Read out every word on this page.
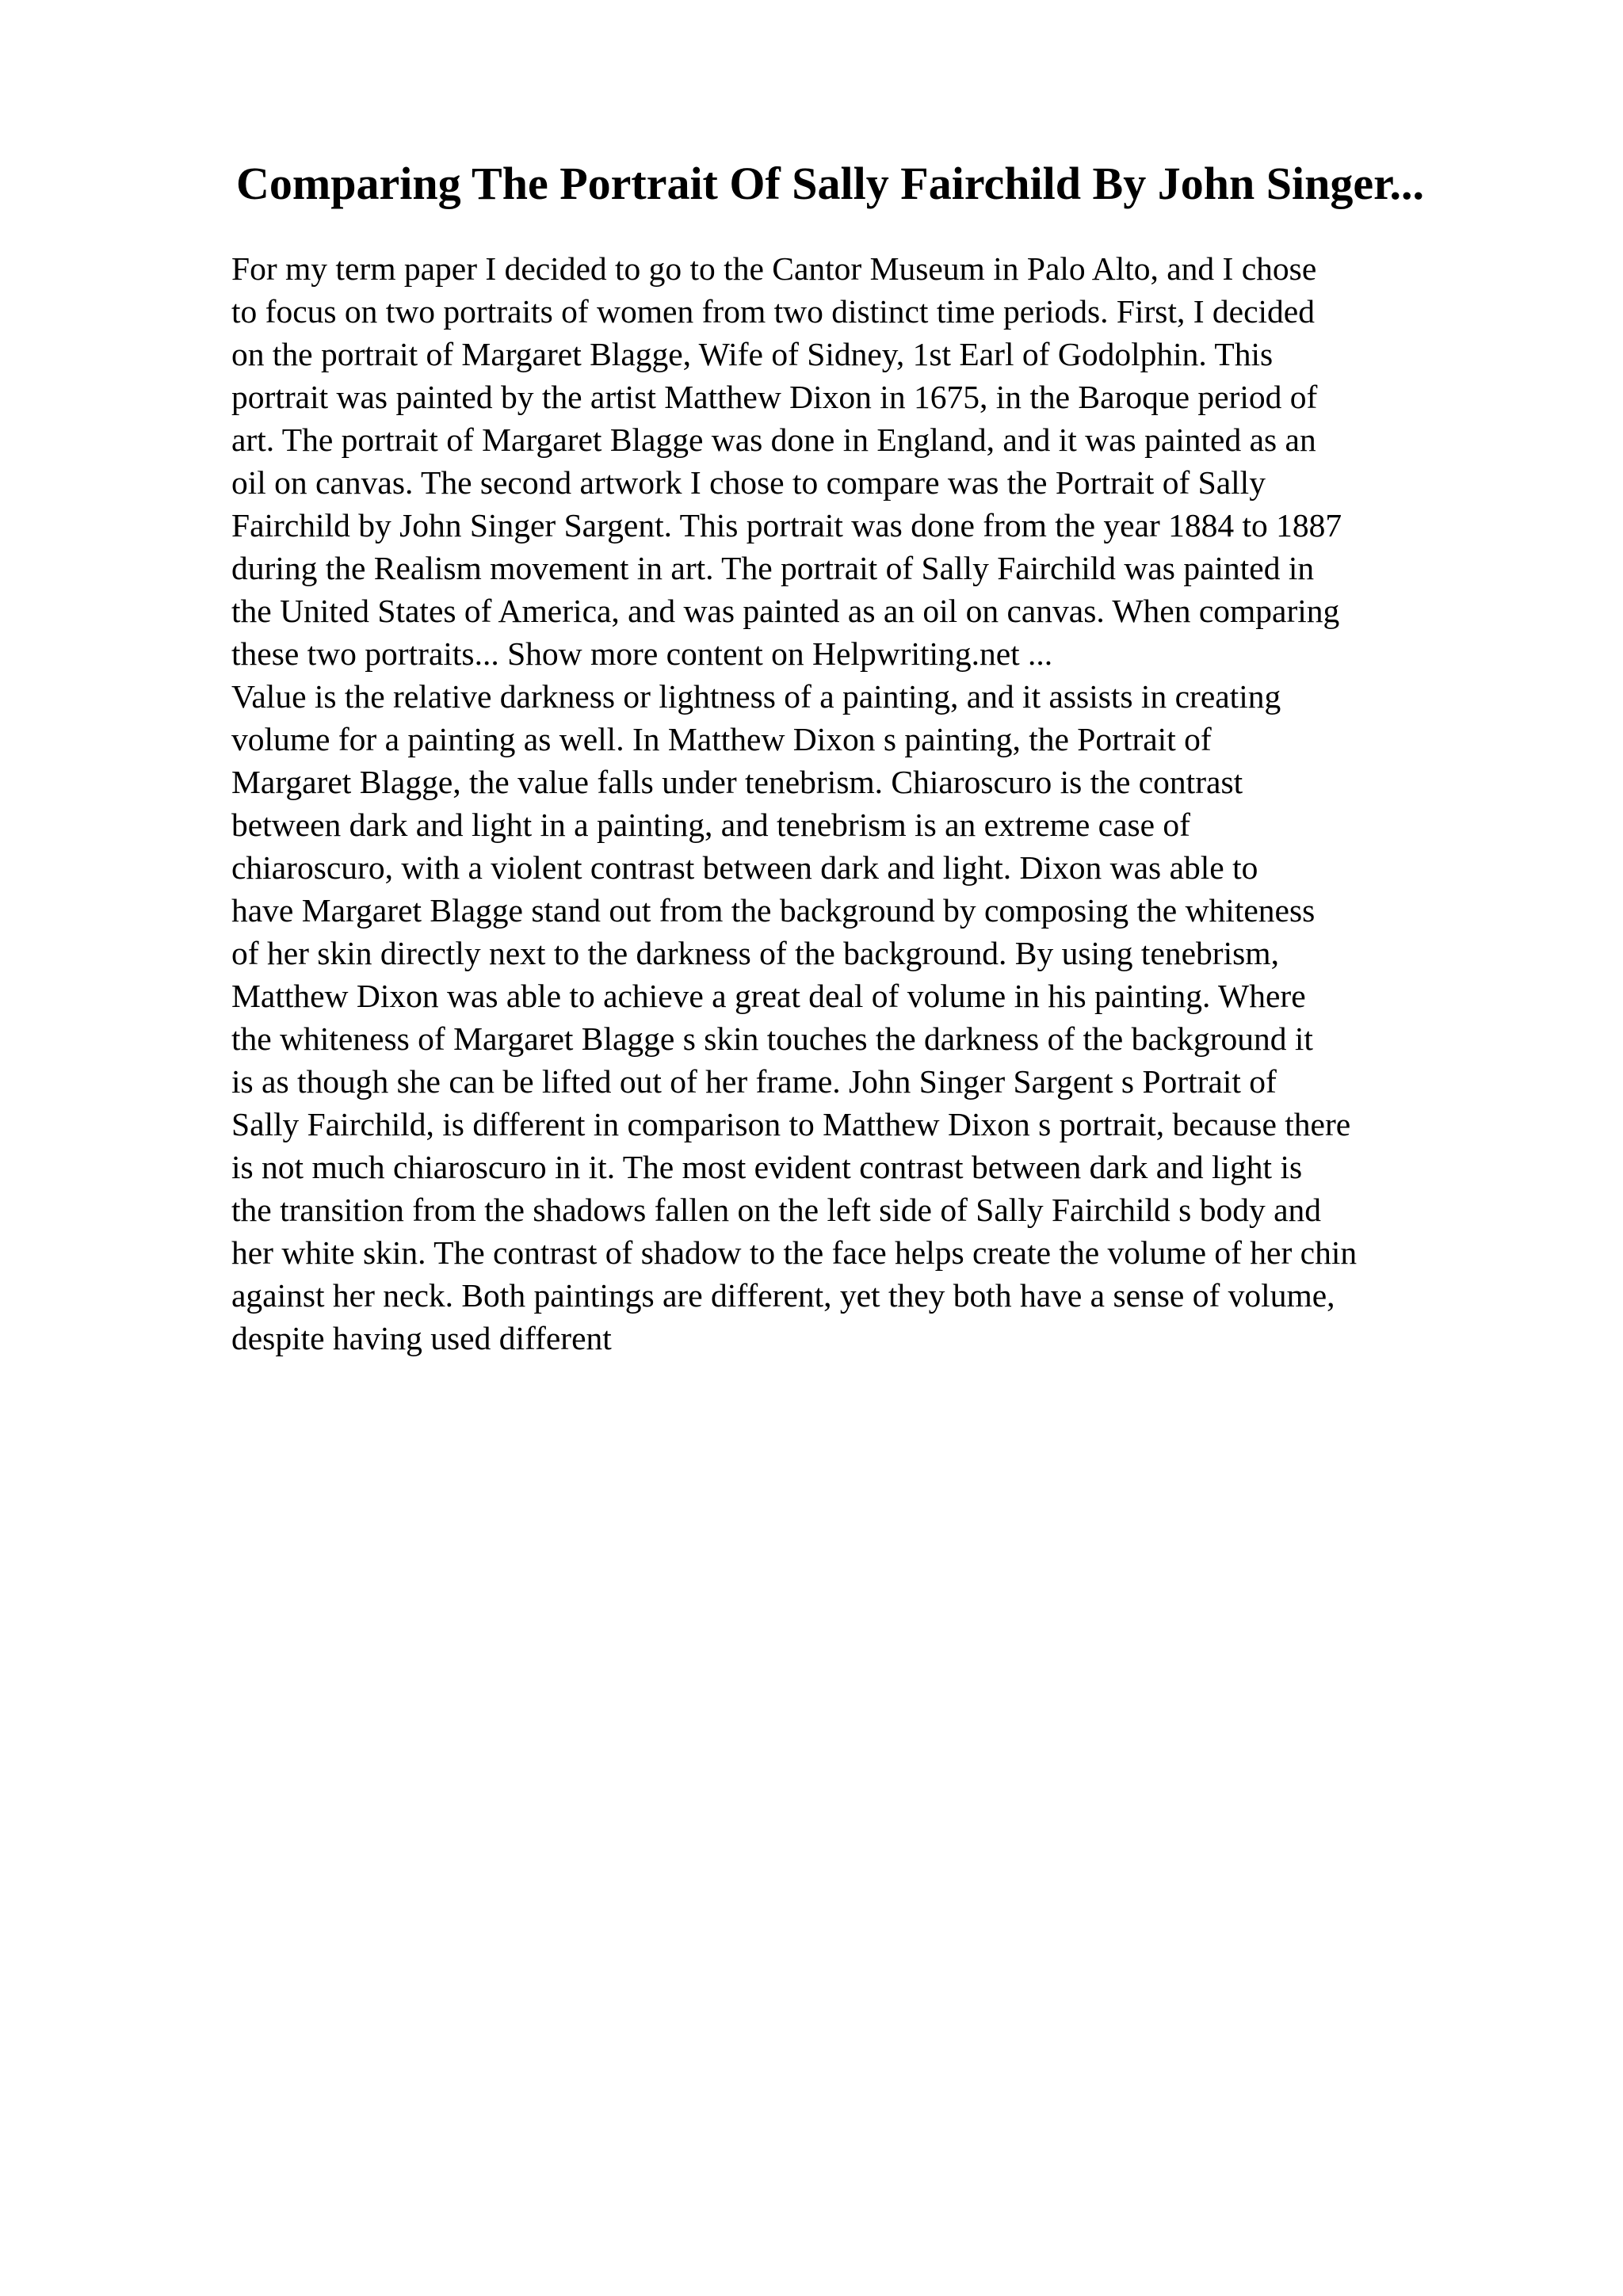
Comparing The Portrait Of Sally Fairchild By John Singer...
For my term paper I decided to go to the Cantor Museum in Palo Alto, and I chose
to focus on two portraits of women from two distinct time periods. First, I decided
on the portrait of Margaret Blagge, Wife of Sidney, 1st Earl of Godolphin. This
portrait was painted by the artist Matthew Dixon in 1675, in the Baroque period of
art. The portrait of Margaret Blagge was done in England, and it was painted as an
oil on canvas. The second artwork I chose to compare was the Portrait of Sally
Fairchild by John Singer Sargent. This portrait was done from the year 1884 to 1887
during the Realism movement in art. The portrait of Sally Fairchild was painted in
the United States of America, and was painted as an oil on canvas. When comparing
these two portraits... Show more content on Helpwriting.net ...
Value is the relative darkness or lightness of a painting, and it assists in creating
volume for a painting as well. In Matthew Dixon s painting, the Portrait of
Margaret Blagge, the value falls under tenebrism. Chiaroscuro is the contrast
between dark and light in a painting, and tenebrism is an extreme case of
chiaroscuro, with a violent contrast between dark and light. Dixon was able to
have Margaret Blagge stand out from the background by composing the whiteness
of her skin directly next to the darkness of the background. By using tenebrism,
Matthew Dixon was able to achieve a great deal of volume in his painting. Where
the whiteness of Margaret Blagge s skin touches the darkness of the background it
is as though she can be lifted out of her frame. John Singer Sargent s Portrait of
Sally Fairchild, is different in comparison to Matthew Dixon s portrait, because there
is not much chiaroscuro in it. The most evident contrast between dark and light is
the transition from the shadows fallen on the left side of Sally Fairchild s body and
her white skin. The contrast of shadow to the face helps create the volume of her chin
against her neck. Both paintings are different, yet they both have a sense of volume,
despite having used different
